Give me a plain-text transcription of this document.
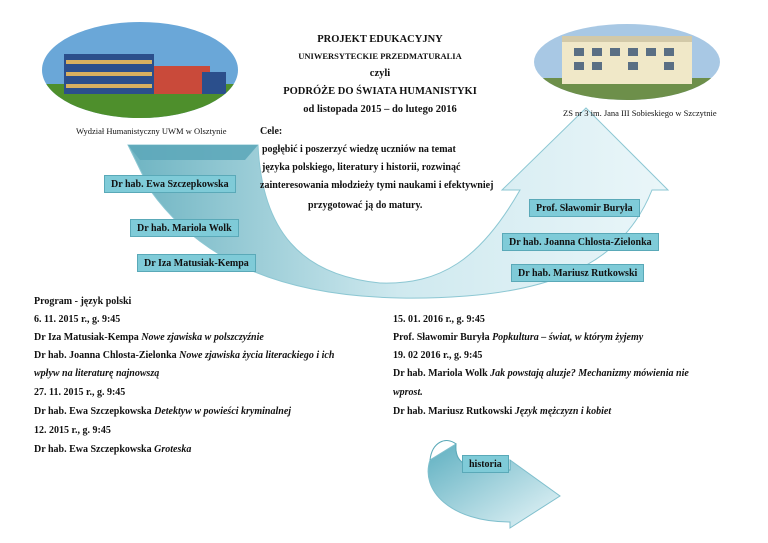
PROJEKT EDUKACYJNY
UNIWERSYTECKIE PRZEDMATURALIA
czyli
PODRÓŻE DO ŚWIATA HUMANISTYKI
od listopada 2015 – do lutego 2016
Wydział Humanistyczny UWM w Olsztynie
ZS nr 3 im. Jana III Sobieskiego w Szczytnie
Cele:
pogłębić i poszerzyć wiedzę uczniów na temat
języka polskiego, literatury i historii, rozwinąć
zainteresowania młodzieży tymi naukami i efektywniej
przygotować ją do matury.
Dr hab. Ewa Szczepkowska
Dr hab. Mariola Wolk
Dr Iza Matusiak-Kempa
Prof. Sławomir Buryła
Dr hab. Joanna Chlosta-Zielonka
Dr hab. Mariusz Rutkowski
Program - język polski
6. 11. 2015 r., g. 9:45
Dr Iza Matusiak-Kempa Nowe zjawiska w polszczyźnie
Dr hab. Joanna Chlosta-Zielonka Nowe zjawiska życia literackiego i ich
wpływ na literaturę najnowszą
27. 11. 2015 r., g. 9:45
Dr hab. Ewa Szczepkowska Detektyw w powieści kryminalnej
12. 2015 r., g. 9:45
Dr hab. Ewa Szczepkowska Groteska
15. 01. 2016 r., g. 9:45
Prof. Sławomir Buryła Popkultura – świat, w którym żyjemy
19. 02 2016 r., g. 9:45
Dr hab. Mariola Wolk Jak powstają aluzje? Mechanizmy mówienia nie
wprost.
Dr hab. Mariusz Rutkowski Język mężczyzn i kobiet
historia
